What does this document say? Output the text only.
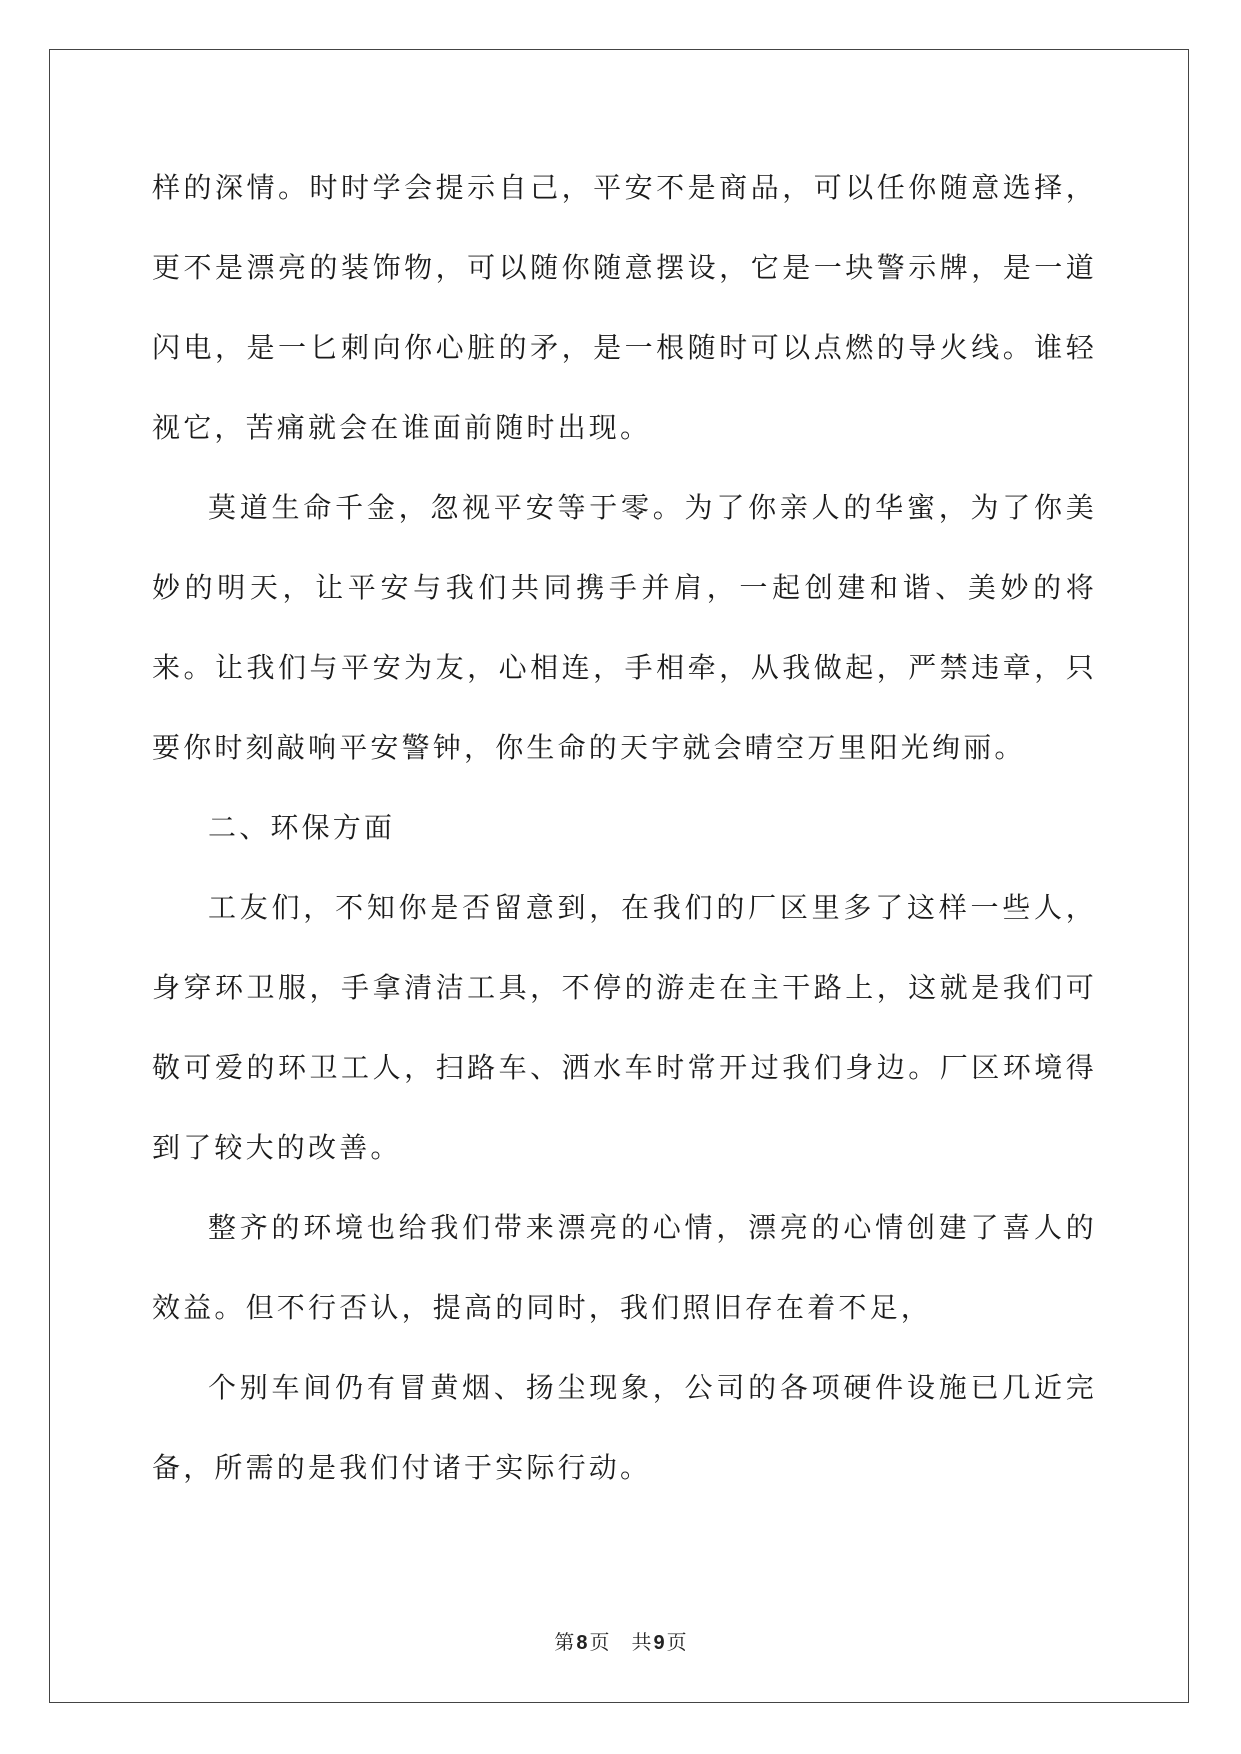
样的深情。时时学会提示自己，平安不是商品，可以任你随意选择，更不是漂亮的装饰物，可以随你随意摆设，它是一块警示牌，是一道闪电，是一匕刺向你心脏的矛，是一根随时可以点燃的导火线。谁轻视它，苦痛就会在谁面前随时出现。

莫道生命千金，忽视平安等于零。为了你亲人的华蜜，为了你美妙的明天，让平安与我们共同携手并肩，一起创建和谐、美妙的将来。让我们与平安为友，心相连，手相牵，从我做起，严禁违章，只要你时刻敲响平安警钟，你生命的天宇就会晴空万里阳光绚丽。

二、环保方面

工友们，不知你是否留意到，在我们的厂区里多了这样一些人，身穿环卫服，手拿清洁工具，不停的游走在主干路上，这就是我们可敬可爱的环卫工人，扫路车、洒水车时常开过我们身边。厂区环境得到了较大的改善。

整齐的环境也给我们带来漂亮的心情，漂亮的心情创建了喜人的效益。但不行否认，提高的同时，我们照旧存在着不足，

个别车间仍有冒黄烟、扬尘现象，公司的各项硬件设施已几近完备，所需的是我们付诸于实际行动。

第 8 页 共 9 页
